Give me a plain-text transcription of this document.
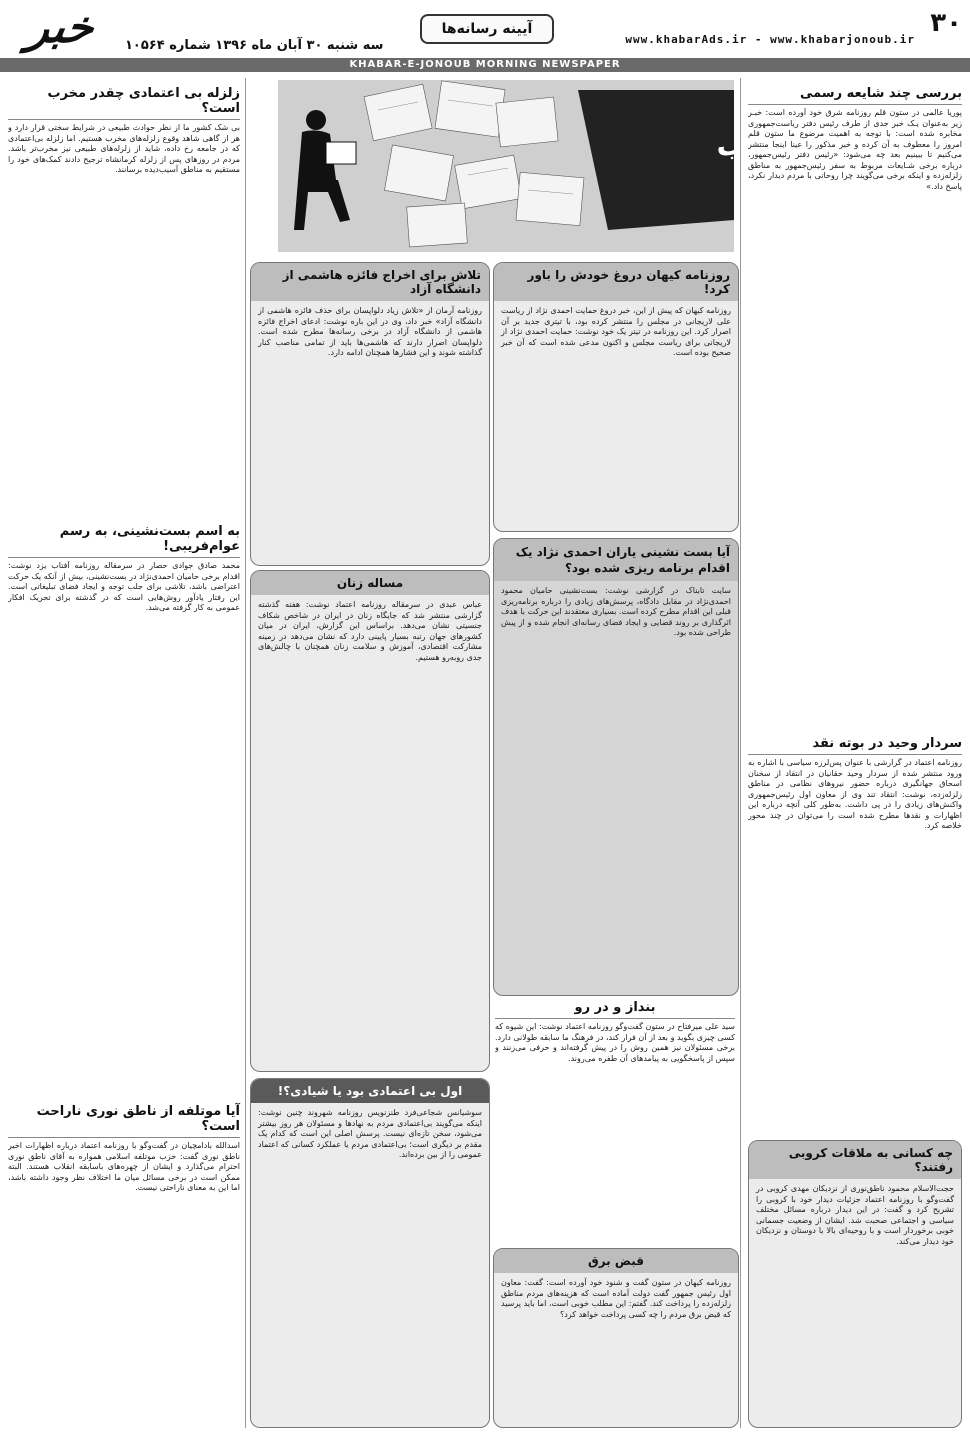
۳۰
www.khabarAds.ir - www.khabarjonoub.ir
آیینه رسانه‌ها
سه شنبه ۳۰ آبان ماه ۱۳۹۶ شماره ۱۰۵۶۴
خبر
KHABAR-E-JONOUB MORNING NEWSPAPER
بررسی چند شایعه رسمی
پوریا عالمی در ستون قلم روزنامه شرق خود آورده است: خبـر زیر به‌عنوان یـک خبر جدی از طرف رئیس دفتر ریاست‌جمهوری مخابره شده است: با توجه به اهمیت مرضوع ما ستون قلم امروز را معطوف به آن کرده و خبر مذکور را عینا اینجا منتشر می‌کنیم تا ببینیم بعد چه می‌شود: «رئیس دفتر رئیس‌جمهور، درباره برخی شـایعات مربوط به سفر رئیس‌جمهور به مناطق زلزله‌زده و اینکه برخی می‌گویند چرا روحانی با مردم دیدار نکرد، پاسخ داد.»
سردار وحید در بوته نقد
روزنامه اعتماد در گزارشی با عنوان پس‌لرزه سیاسی با اشاره به ورود منتشر شده از سردار وحید حقانیان در انتقاد از سخنان اسحاق جهانگیری درباره حضور نیروهای نظامی در مناطق زلزله‌زده، نوشت: انتقاد تند وی از معاون اول رئیس‌جمهوری واکنش‌های زیادی را در پی داشت. به‌طور کلی آنچه درباره این اظهارات و نقدها مطرح شده است را می‌توان در چند محور خلاصه کرد.
چه کسانی به ملاقات کروبی رفتند؟
حجت‌الاسلام محمود ناطق‌نوری از نزدیکان مهدی کروبی در گفت‌وگو با روزنامه اعتماد جزئیات دیدار خود با کروبی را تشریح کرد و گفت: در این دیدار درباره مسائل مختلف سیاسی و اجتماعی صحبت شد. ایشان از وضعیت جسمانی خوبی برخوردار است و با روحیه‌ای بالا با دوستان و نزدیکان خود دیدار می‌کند.
روزنامه کیهان دروغ خودش را باور کرد!
روزنامه کیهان که پیش از این، خبر دروغ حمایت احمدی نژاد از ریاست علی لاریجانی در مجلس را منتشر کرده بود، با تیتری جدید بر آن اصرار کرد. این روزنامه در تیتر یک خود نوشت: حمایت احمدی نژاد از لاریجانی برای ریاست مجلس و اکنون مدعی شده است که آن خبر صحیح بوده است.
آیا بست نشینی یاران احمدی نژاد یک اقدام برنامه ریزی شده بود؟
سایت تابناک در گزارشی نوشت: بست‌نشینی حامیان محمود احمدی‌نژاد در مقابل دادگاه، پرسش‌های زیادی را درباره برنامه‌ریزی قبلی این اقدام مطرح کرده است. بسیاری معتقدند این حرکت با هدف اثرگذاری بر روند قضایی و ایجاد فضای رسانه‌ای انجام شده و از پیش طراحی شده بود.
بنداز و در رو
سید علی میرفتاح در ستون گفت‌وگو روزنامه اعتماد نوشت: این شیوه که کسی چیزی بگوید و بعد از آن فرار کند، در فرهنگ ما سابقه طولانی دارد. برخی مسئولان نیز همین روش را در پیش گرفته‌اند و حرفی می‌زنند و سپس از پاسخگویی به پیامدهای آن طفره می‌روند.
قبض برق
روزنامه کیهان در ستون گفت و شنود خود آورده است: گفت: معاون اول رئیس جمهور گفت دولت آماده است که هزینه‌های مردم مناطق زلزله‌زده را پرداخت کند. گفتم: این مطلب خوبی است، اما باید پرسید که قبض برق مردم را چه کسی پرداخت خواهد کرد؟
تلاش برای اخراج فائزه هاشمی از دانشگاه آزاد
روزنامه آرمان از «تلاش زیاد دلواپسان برای حذف فائزه هاشمی از دانشگاه آزاد» خبر داد، وی در این باره نوشت: ادعای اخراج فائزه هاشمی از دانشگاه آزاد در برخی رسانه‌ها مطرح شده است. دلواپسان اصرار دارند که هاشمی‌ها باید از تمامی مناصب کنار گذاشته شوند و این فشارها همچنان ادامه دارد.
مساله زنان
عباس عبدی در سرمقاله روزنامه اعتماد نوشت: هفته گذشته گزارشی منتشر شد که جایگاه زنان در ایران در شاخص شکاف جنسیتی نشان می‌دهد. براساس این گزارش، ایران در میان کشورهای جهان رتبه بسیار پایینی دارد که نشان می‌دهد در زمینه مشارکت اقتصادی، آموزش و سلامت زنان همچنان با چالش‌های جدی روبه‌رو هستیم.
اول بی اعتمادی بود یا شیادی؟!
سوشیانس شجاعی‌فرد طنزنویس روزنامه شهروند چنین نوشت: اینکه می‌گویند بی‌اعتمادی مردم به نهادها و مسئولان هر روز بیشتر می‌شود، سخن تازه‌ای نیست. پرسش اصلی این است که کدام یک مقدم بر دیگری است؛ بی‌اعتمادی مردم یا عملکرد کسانی که اعتماد عمومی را از بین برده‌اند.
زلزله بی اعتمادی چقدر مخرب است؟
بی شک کشور ما از نظر حوادث طبیعی در شرایط سختی قرار دارد و هر از گاهی شاهد وقوع زلزله‌های مخرب هستیم. اما زلزله بی‌اعتمادی که در جامعه رخ داده، شاید از زلزله‌های طبیعی نیز مخرب‌تر باشد. مردم در روزهای پس از زلزله کرمانشاه ترجیح دادند کمک‌های خود را مستقیم به مناطق آسیب‌دیده برسانند.
به اسم بست‌نشینی، به رسم عوام‌فریبی!
محمد صادق جوادی حصار در سرمقاله روزنامه آفتاب یزد نوشت: اقدام برخی حامیان احمدی‌نژاد در بست‌نشینی، بیش از آنکه یک حرکت اعتراضی باشد، تلاشی برای جلب توجه و ایجاد فضای تبلیغاتی است. این رفتار یادآور روش‌هایی است که در گذشته برای تحریک افکار عمومی به کار گرفته می‌شد.
آیا موتلفه از ناطق نوری ناراحت است؟
اسدالله بادامچیان در گفت‌وگو با روزنامه اعتماد درباره اظهارات اخیر ناطق نوری گفت: حزب موتلفه اسلامی همواره به آقای ناطق نوری احترام می‌گذارد و ایشان از چهره‌های باسابقه انقلاب هستند. البته ممکن است در برخی مسائل میان ما اختلاف نظر وجود داشته باشد، اما این به معنای ناراحتی نیست.
